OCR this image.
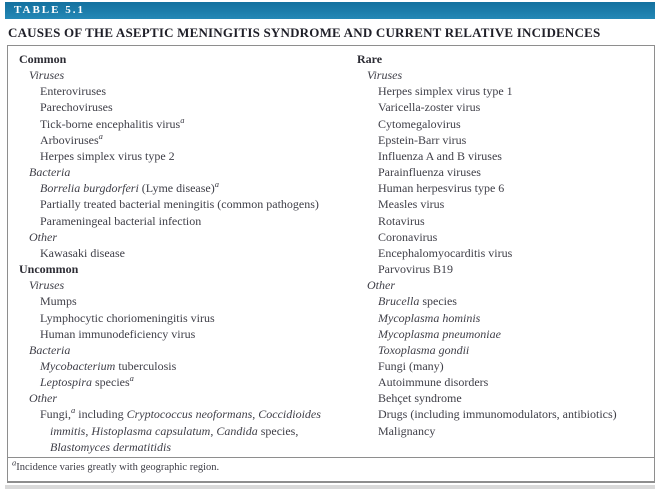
TABLE 5.1
CAUSES OF THE ASEPTIC MENINGITIS SYNDROME AND CURRENT RELATIVE INCIDENCES
Common
Viruses
Enteroviruses
Parechoviruses
Tick-borne encephalitis virus$^a$
Arboviruses$^a$
Herpes simplex virus type 2
Bacteria
Borrelia burgdorferi (Lyme disease)$^a$
Partially treated bacterial meningitis (common pathogens)
Parameningeal bacterial infection
Other
Kawasaki disease
Uncommon
Viruses
Mumps
Lymphocytic choriomeningitis virus
Human immunodeficiency virus
Bacteria
Mycobacterium tuberculosis
Leptospira species$^a$
Other
Fungi,$^a$ including Cryptococcus neoformans, Coccidioides immitis, Histoplasma capsulatum, Candida species, Blastomyces dermatitidis
Rare
Viruses
Herpes simplex virus type 1
Varicella-zoster virus
Cytomegalovirus
Epstein-Barr virus
Influenza A and B viruses
Parainfluenza viruses
Human herpesvirus type 6
Measles virus
Rotavirus
Coronavirus
Encephalomyocarditis virus
Parvovirus B19
Other
Brucella species
Mycoplasma hominis
Mycoplasma pneumoniae
Toxoplasma gondii
Fungi (many)
Autoimmune disorders
Behçet syndrome
Drugs (including immunomodulators, antibiotics)
Malignancy
$^a$Incidence varies greatly with geographic region.
